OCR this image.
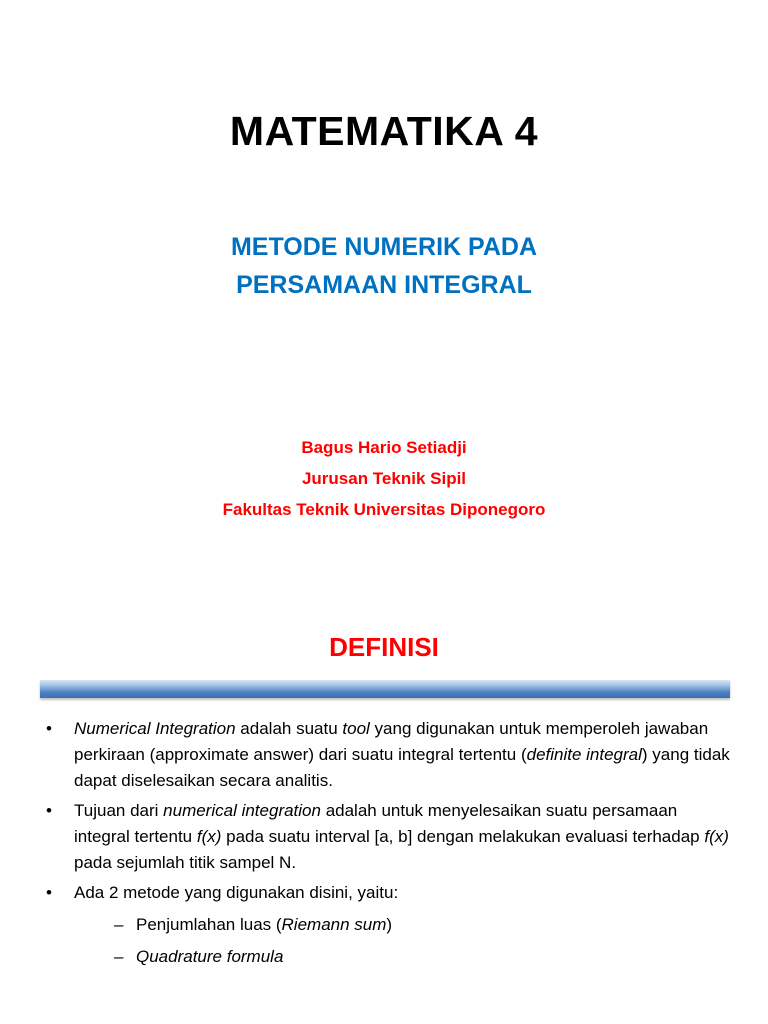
MATEMATIKA 4
METODE NUMERIK PADA
PERSAMAAN INTEGRAL
Bagus Hario Setiadji
Jurusan Teknik Sipil
Fakultas Teknik Universitas Diponegoro
DEFINISI
• Numerical Integration adalah suatu tool yang digunakan untuk memperoleh jawaban perkiraan (approximate answer) dari suatu integral tertentu (definite integral) yang tidak dapat diselesaikan secara analitis.
• Tujuan dari numerical integration adalah untuk menyelesaikan suatu persamaan integral tertentu f(x) pada suatu interval [a, b] dengan melakukan evaluasi terhadap f(x) pada sejumlah titik sampel N.
• Ada 2 metode yang digunakan disini, yaitu:
– Penjumlahan luas (Riemann sum)
– Quadrature formula
